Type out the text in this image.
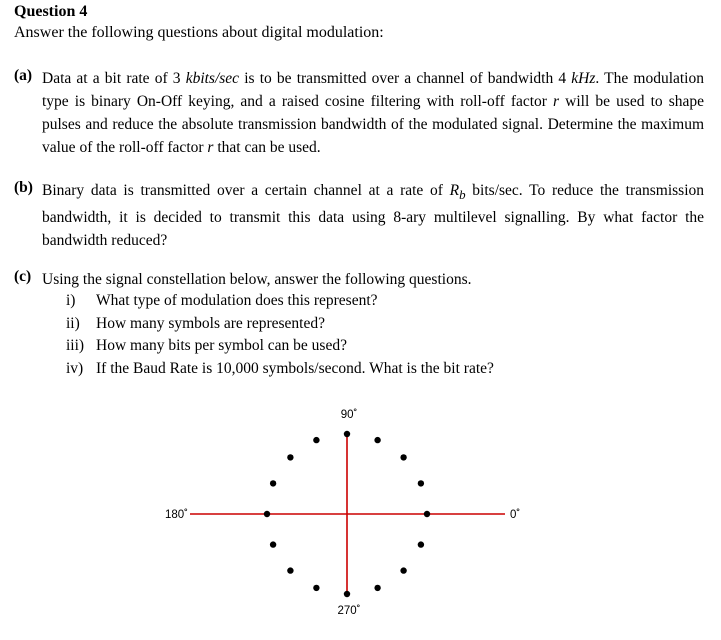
Question 4
Answer the following questions about digital modulation:
(a) Data at a bit rate of 3 kbits/sec is to be transmitted over a channel of bandwidth 4 kHz. The modulation type is binary On-Off keying, and a raised cosine filtering with roll-off factor r will be used to shape pulses and reduce the absolute transmission bandwidth of the modulated signal. Determine the maximum value of the roll-off factor r that can be used.
(b) Binary data is transmitted over a certain channel at a rate of $R_b$ bits/sec. To reduce the transmission bandwidth, it is decided to transmit this data using 8-ary multilevel signalling. By what factor the bandwidth reduced?
(c) Using the signal constellation below, answer the following questions.
i) What type of modulation does this represent?
ii) How many symbols are represented?
iii) How many bits per symbol can be used?
iv) If the Baud Rate is 10,000 symbols/second. What is the bit rate?
90˚
180˚	0˚
270˚
